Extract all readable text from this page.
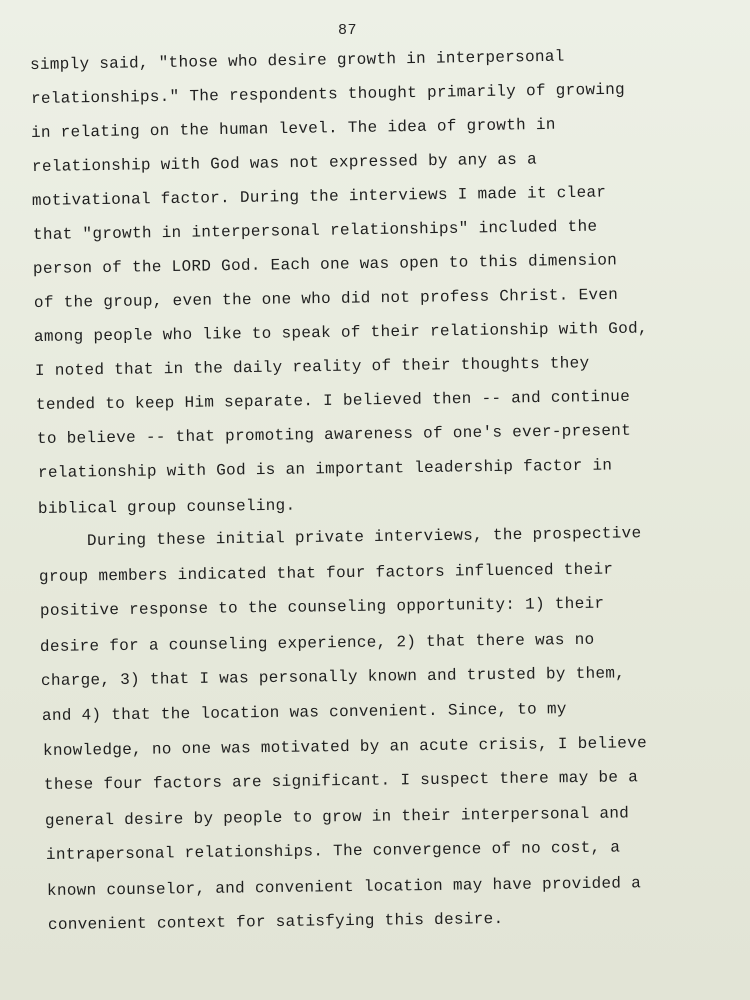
87
simply said, "those who desire growth in interpersonal
relationships." The respondents thought primarily of growing
in relating on the human level. The idea of growth in
relationship with God was not expressed by any as a
motivational factor. During the interviews I made it clear
that "growth in interpersonal relationships" included the
person of the LORD God. Each one was open to this dimension
of the group, even the one who did not profess Christ. Even
among people who like to speak of their relationship with God,
I noted that in the daily reality of their thoughts they
tended to keep Him separate. I believed then -- and continue
to believe -- that promoting awareness of one's ever-present
relationship with God is an important leadership factor in
biblical group counseling.
During these initial private interviews, the prospective
group members indicated that four factors influenced their
positive response to the counseling opportunity: 1) their
desire for a counseling experience, 2) that there was no
charge, 3) that I was personally known and trusted by them,
and 4) that the location was convenient. Since, to my
knowledge, no one was motivated by an acute crisis, I believe
these four factors are significant. I suspect there may be a
general desire by people to grow in their interpersonal and
intrapersonal relationships. The convergence of no cost, a
known counselor, and convenient location may have provided a
convenient context for satisfying this desire.
